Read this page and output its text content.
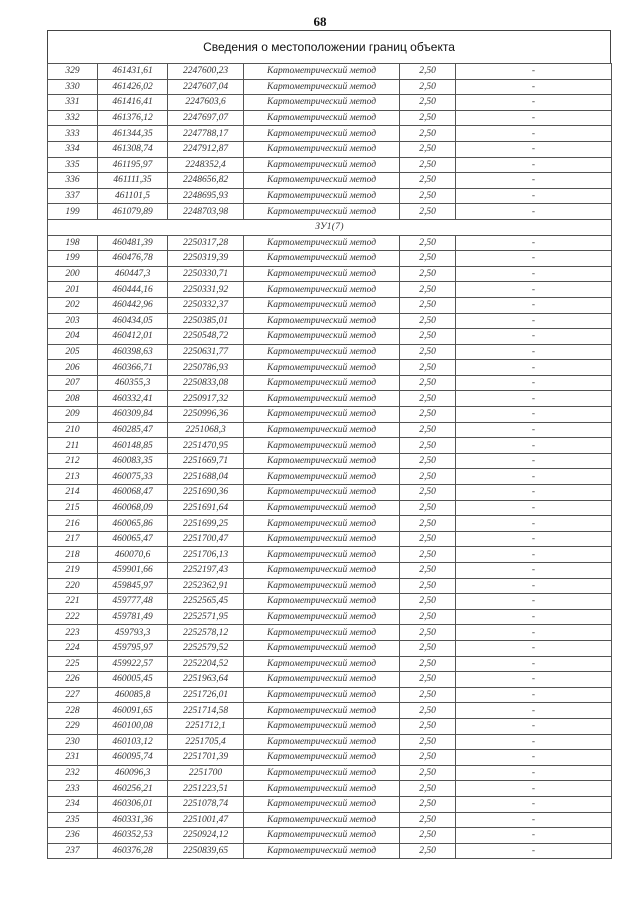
68
Сведения о местоположении границ объекта
329	461431,61	2247600,23	Картометрический метод	2,50	-
330	461426,02	2247607,04	Картометрический метод	2,50	-
331	461416,41	2247603,6	Картометрический метод	2,50	-
332	461376,12	2247697,07	Картометрический метод	2,50	-
333	461344,35	2247788,17	Картометрический метод	2,50	-
334	461308,74	2247912,87	Картометрический метод	2,50	-
335	461195,97	2248352,4	Картометрический метод	2,50	-
336	461111,35	2248656,82	Картометрический метод	2,50	-
337	461101,5	2248695,93	Картометрический метод	2,50	-
199	461079,89	2248703,98	Картометрический метод	2,50	-
ЗУ1(7)					
198	460481,39	2250317,28	Картометрический метод	2,50	-
199	460476,78	2250319,39	Картометрический метод	2,50	-
200	460447,3	2250330,71	Картометрический метод	2,50	-
201	460444,16	2250331,92	Картометрический метод	2,50	-
202	460442,96	2250332,37	Картометрический метод	2,50	-
203	460434,05	2250385,01	Картометрический метод	2,50	-
204	460412,01	2250548,72	Картометрический метод	2,50	-
205	460398,63	2250631,77	Картометрический метод	2,50	-
206	460366,71	2250786,93	Картометрический метод	2,50	-
207	460355,3	2250833,08	Картометрический метод	2,50	-
208	460332,41	2250917,32	Картометрический метод	2,50	-
209	460309,84	2250996,36	Картометрический метод	2,50	-
210	460285,47	2251068,3	Картометрический метод	2,50	-
211	460148,85	2251470,95	Картометрический метод	2,50	-
212	460083,35	2251669,71	Картометрический метод	2,50	-
213	460075,33	2251688,04	Картометрический метод	2,50	-
214	460068,47	2251690,36	Картометрический метод	2,50	-
215	460068,09	2251691,64	Картометрический метод	2,50	-
216	460065,86	2251699,25	Картометрический метод	2,50	-
217	460065,47	2251700,47	Картометрический метод	2,50	-
218	460070,6	2251706,13	Картометрический метод	2,50	-
219	459901,66	2252197,43	Картометрический метод	2,50	-
220	459845,97	2252362,91	Картометрический метод	2,50	-
221	459777,48	2252565,45	Картометрический метод	2,50	-
222	459781,49	2252571,95	Картометрический метод	2,50	-
223	459793,3	2252578,12	Картометрический метод	2,50	-
224	459795,97	2252579,52	Картометрический метод	2,50	-
225	459922,57	2252204,52	Картометрический метод	2,50	-
226	460005,45	2251963,64	Картометрический метод	2,50	-
227	460085,8	2251726,01	Картометрический метод	2,50	-
228	460091,65	2251714,58	Картометрический метод	2,50	-
229	460100,08	2251712,1	Картометрический метод	2,50	-
230	460103,12	2251705,4	Картометрический метод	2,50	-
231	460095,74	2251701,39	Картометрический метод	2,50	-
232	460096,3	2251700	Картометрический метод	2,50	-
233	460256,21	2251223,51	Картометрический метод	2,50	-
234	460306,01	2251078,74	Картометрический метод	2,50	-
235	460331,36	2251001,47	Картометрический метод	2,50	-
236	460352,53	2250924,12	Картометрический метод	2,50	-
237	460376,28	2250839,65	Картометрический метод	2,50	-
